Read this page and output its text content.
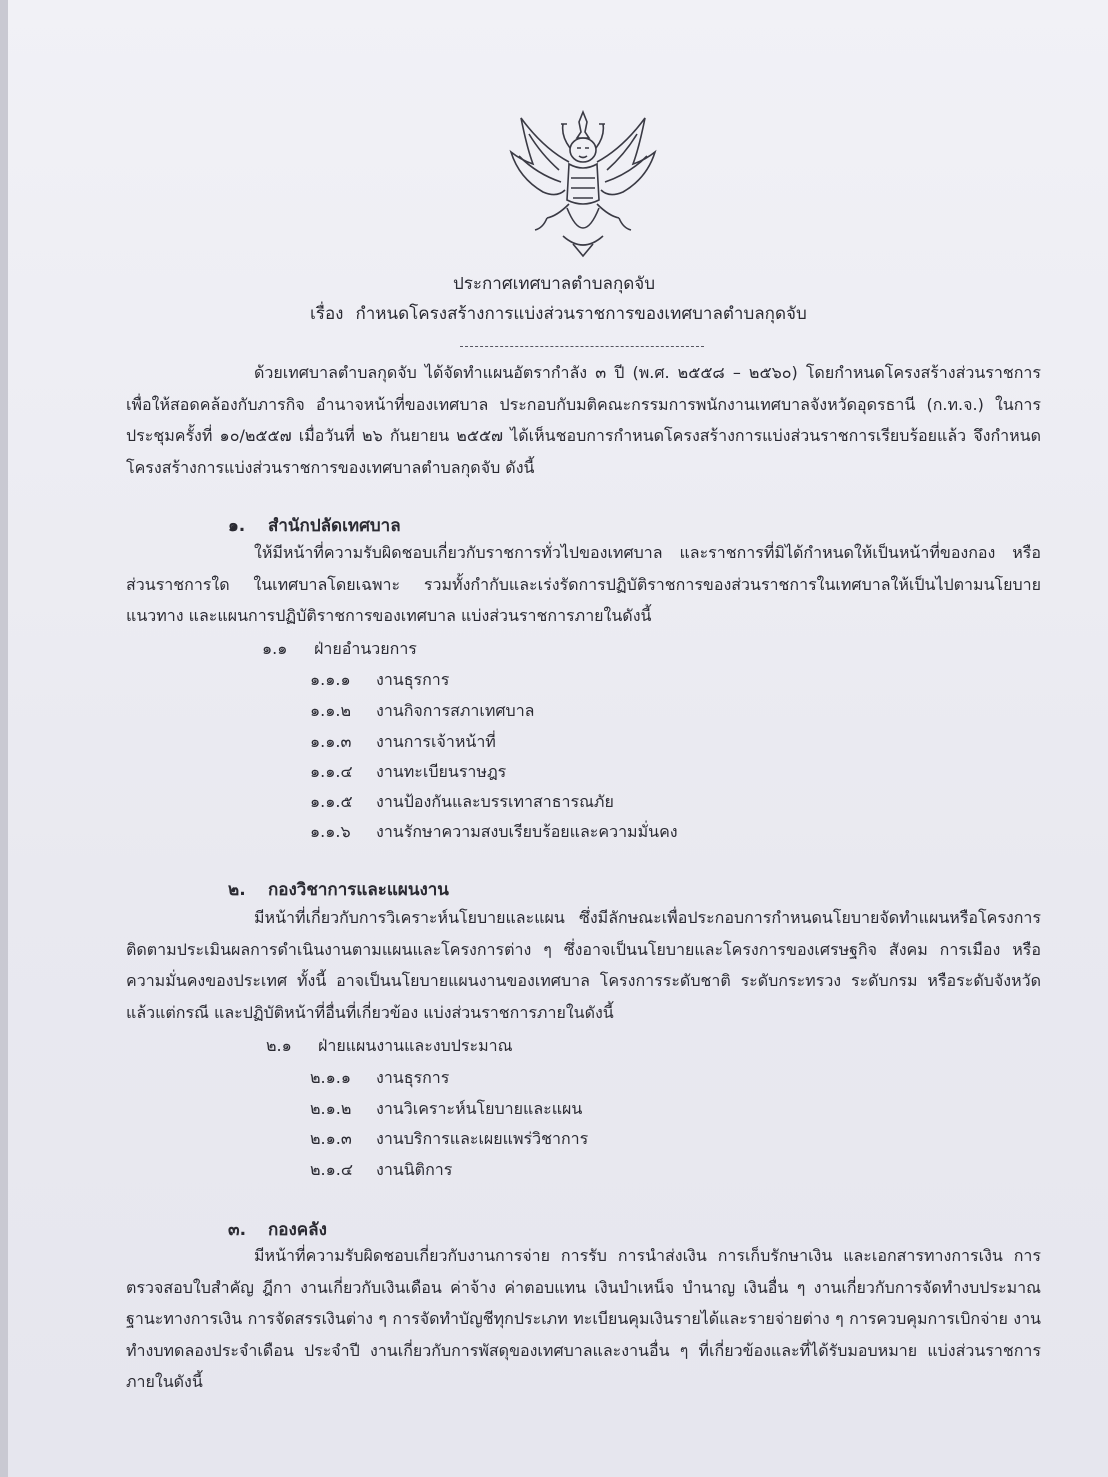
ประกาศเทศบาลตำบลกุดจับ
เรื่อง กำหนดโครงสร้างการแบ่งส่วนราชการของเทศบาลตำบลกุดจับ

ด้วยเทศบาลตำบลกุดจับ ได้จัดทำแผนอัตรากำลัง ๓ ปี (พ.ศ. ๒๕๕๘ – ๒๕๖๐) โดยกำหนดโครงสร้างส่วนราชการเพื่อให้สอดคล้องกับภารกิจ อำนาจหน้าที่ของเทศบาล ประกอบกับมติคณะกรรมการพนักงานเทศบาลจังหวัดอุดรธานี (ก.ท.จ.) ในการประชุมครั้งที่ ๑๐/๒๕๕๗ เมื่อวันที่ ๒๖ กันยายน ๒๕๕๗ ได้เห็นชอบการกำหนดโครงสร้างการแบ่งส่วนราชการเรียบร้อยแล้ว จึงกำหนดโครงสร้างการแบ่งส่วนราชการของเทศบาลตำบลกุดจับ ดังนี้

๑. สำนักปลัดเทศบาล

ให้มีหน้าที่ความรับผิดชอบเกี่ยวกับราชการทั่วไปของเทศบาล และราชการที่มิได้กำหนดให้เป็นหน้าที่ของกอง หรือส่วนราชการใด ในเทศบาลโดยเฉพาะ รวมทั้งกำกับและเร่งรัดการปฏิบัติราชการของส่วนราชการในเทศบาลให้เป็นไปตามนโยบาย แนวทาง และแผนการปฏิบัติราชการของเทศบาล แบ่งส่วนราชการภายในดังนี้

๑.๑ ฝ่ายอำนวยการ
๑.๑.๑ งานธุรการ
๑.๑.๒ งานกิจการสภาเทศบาล
๑.๑.๓ งานการเจ้าหน้าที่
๑.๑.๔ งานทะเบียนราษฎร
๑.๑.๕ งานป้องกันและบรรเทาสาธารณภัย
๑.๑.๖ งานรักษาความสงบเรียบร้อยและความมั่นคง
๒. กองวิชาการและแผนงาน

มีหน้าที่เกี่ยวกับการวิเคราะห์นโยบายและแผน ซึ่งมีลักษณะเพื่อประกอบการกำหนดนโยบายจัดทำแผนหรือโครงการติดตามประเมินผลการดำเนินงานตามแผนและโครงการต่าง ๆ ซึ่งอาจเป็นนโยบายและโครงการของเศรษฐกิจ สังคม การเมือง หรือความมั่นคงของประเทศ ทั้งนี้ อาจเป็นนโยบายแผนงานของเทศบาล โครงการระดับชาติ ระดับกระทรวง ระดับกรม หรือระดับจังหวัดแล้วแต่กรณี และปฏิบัติหน้าที่อื่นที่เกี่ยวข้อง แบ่งส่วนราชการภายในดังนี้

๒.๑ ฝ่ายแผนงานและงบประมาณ
๒.๑.๑ งานธุรการ
๒.๑.๒ งานวิเคราะห์นโยบายและแผน
๒.๑.๓ งานบริการและเผยแพร่วิชาการ
๒.๑.๔ งานนิติการ
๓. กองคลัง

มีหน้าที่ความรับผิดชอบเกี่ยวกับงานการจ่าย การรับ การนำส่งเงิน การเก็บรักษาเงิน และเอกสารทางการเงิน การตรวจสอบใบสำคัญ ฎีกา งานเกี่ยวกับเงินเดือน ค่าจ้าง ค่าตอบแทน เงินบำเหน็จ บำนาญ เงินอื่น ๆ งานเกี่ยวกับการจัดทำงบประมาณ ฐานะทางการเงิน การจัดสรรเงินต่าง ๆ การจัดทำบัญชีทุกประเภท ทะเบียนคุมเงินรายได้และรายจ่ายต่าง ๆ การควบคุมการเบิกจ่าย งานทำงบทดลองประจำเดือน ประจำปี งานเกี่ยวกับการพัสดุของเทศบาลและงานอื่น ๆ ที่เกี่ยวข้องและที่ได้รับมอบหมาย แบ่งส่วนราชการภายในดังนี้
